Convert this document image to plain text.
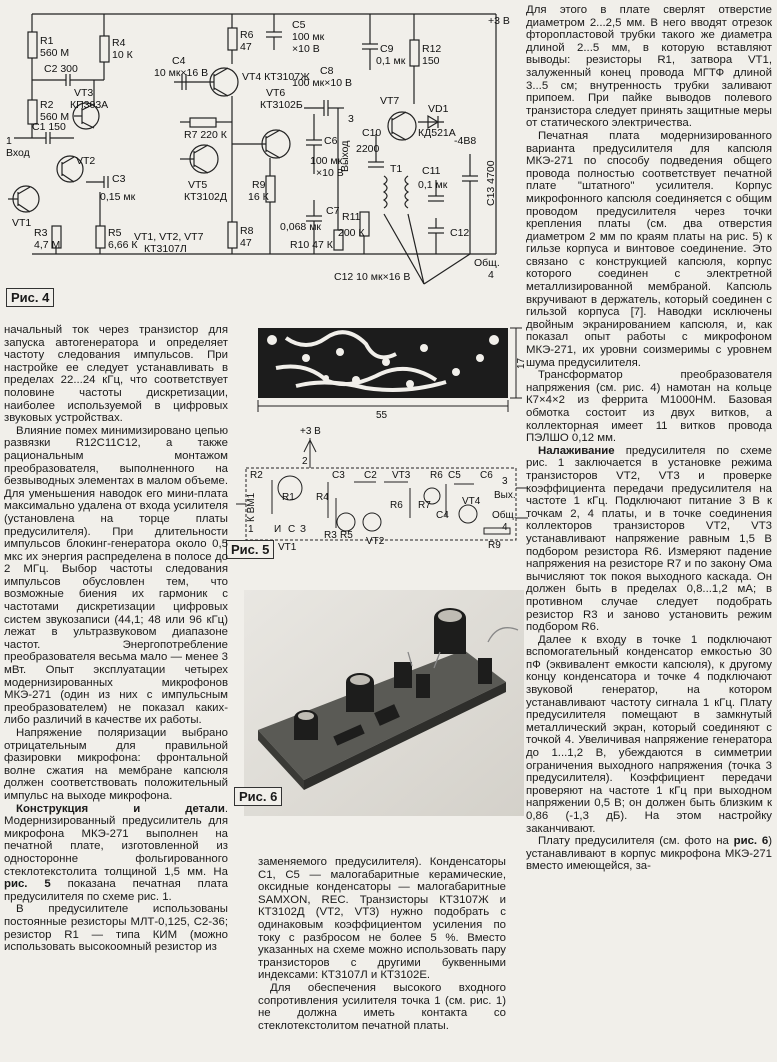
R1
560 М
C2 300
R2
560 М
C1 150
1
Вход
VT3
КП303А
R4
10 К
VT2
C3
0,15 мк
VT1
R3
4,7 М
R5
6,66 К
C4
10 мк×16 В
R6
47
VT4 КТ3107Ж
R7 220 К
VT5
КТ3102Д
VT1, VT2, VT7
КТ3107Л
R8
47
C5
100 мк
×10 В
C8
100 мк×10 В
VT6
КТ3102Б
C6
100 мк
×10 В
R9
16 К
C7
0,068 мк
R10 47 К
C12 10 мк×16 В
3
Выход
C9
0,1 мк
R12
150
VT7
VD1
КД521А
-4В8
C10
2200
T1 C11
0,1 мк	C13 4700
R11
200 К	C12
+3 В
Общ.
4
Рис. 4
55
17
+3 В
2
R2	C3 C2 VT3 R6 C5 C6
R1 R4
К ВМ1
1 И С З
R3 R5
R6 R7
C4
VT4
VT1
VT2	R9
3
Вых.
Общ.
4
Рис. 5
Рис. 6

начальный ток через транзистор для запуска автогенератора и определяет частоту следования импульсов. При настройке ее следует устанавливать в пределах 22...24 кГц, что соответствует половине частоты дискретизации, наиболее используемой в цифровых звуковых устройствах.

Влияние помех минимизировано цепью развязки R12C11C12, а также рациональным монтажом преобразователя, выполненного на безвыводных элементах в малом объеме. Для уменьшения наводок его мини-плата максимально удалена от входа усилителя (установлена на торце платы предусилителя). При длительности импульсов блокинг-генератора около 0,5 мкс их энергия распределена в полосе до 2 МГц. Выбор частоты следования импульсов обусловлен тем, что возможные биения их гармоник с частотами дискретизации цифровых систем звукозаписи (44,1; 48 или 96 кГц) лежат в ультразвуковом диапазоне частот. Энергопотребление преобразователя весьма мало — менее 3 мВт. Опыт эксплуатации четырех модернизированных микрофонов МКЭ-271 (один из них с импульсным преобразователем) не показал каких-либо различий в качестве их работы.

Напряжение поляризации выбрано отрицательным для правильной фазировки микрофона: фронтальной волне сжатия на мембране капсюля должен соответствовать положительный импульс на выходе микрофона.

Конструкция и детали. Модернизированный предусилитель для микрофона МКЭ-271 выполнен на печатной плате, изготовленной из одностороннe фольгированного стеклотекстолита толщиной 1,5 мм. На рис. 5 показана печатная плата предусилителя по схеме рис. 1.

В предусилителе использованы постоянные резисторы МЛТ-0,125, С2-36; резистор R1 — типа КИМ (можно использовать высокоомный резистор из

заменяемого предусилителя). Конденсаторы C1, C5 — малогабаритные керамические, оксидные конденсаторы — малогабаритные SAMXON, REC. Транзисторы КТ3107Ж и КТ3102Д (VT2, VT3) нужно подобрать с одинаковым коэффициентом усиления по току с разбросом не более 5 %. Вместо указанных на схеме можно использовать пару транзисторов с другими буквенными индексами: КТ3107Л и КТ3102Е.

Для обеспечения высокого входного сопротивления усилителя точка 1 (см. рис. 1) не должна иметь контакта со стеклотекстолитом печатной платы.

Для этого в плате сверлят отверстие диаметром 2...2,5 мм. В него вводят отрезок фторопластовой трубки такого же диаметра длиной 2...5 мм, в которую вставляют выводы: резисторы R1, затвора VT1, залуженный конец провода МГТФ длиной 3...5 см; внутренность трубки заливают припоем. При пайке выводов полевого транзистора следует принять защитные меры от статического электричества.

Печатная плата модернизированного варианта предусилителя для капсюля МКЭ-271 по способу подведения общего провода полностью соответствует печатной плате "штатного" усилителя. Корпус микрофонного капсюля соединяется с общим проводом предусилителя через точки крепления платы (см. два отверстия диаметром 2 мм по краям платы на рис. 5) к гильзе корпуса и винтовое соединение. Это связано с конструкцией капсюля, корпус которого соединен с электретной металлизированной мембраной. Капсюль вкручивают в держатель, который соединен с гильзой корпуса [7]. Наводки исключены двойным экранированием капсюля, и, как показал опыт работы с микрофоном МКЭ-271, их уровни соизмеримы с уровнем шума предусилителя.

Трансформатор преобразователя напряжения (см. рис. 4) намотан на кольце К7×4×2 из феррита М1000НМ. Базовая обмотка состоит из двух витков, а коллекторная имеет 11 витков провода ПЭЛШО 0,12 мм.

Налаживание предусилителя по схеме рис. 1 заключается в установке режима транзисторов VT2, VT3 и проверке коэффициента передачи предусилителя на частоте 1 кГц. Подключают питание 3 В к точкам 2, 4 платы, и в точке соединения коллекторов транзисторов VT2, VT3 устанавливают напряжение равным 1,5 В подбором резистора R6. Измеряют падение напряжения на резисторе R7 и по закону Ома вычисляют ток покоя выходного каскада. Он должен быть в пределах 0,8...1,2 мА; в противном случае следует подобрать резистор R3 и заново установить режим подбором R6.

Далее к входу в точке 1 подключают вспомогательный конденсатор емкостью 30 пФ (эквивалент емкости капсюля), к другому концу конденсатора и точке 4 подключают звуковой генератор, на котором устанавливают частоту сигнала 1 кГц. Плату предусилителя помещают в замкнутый металлический экран, который соединяют с точкой 4. Увеличивая напряжение генератора до 1...1,2 В, убеждаются в симметрии ограничения выходного напряжения (точка 3 предусилителя). Коэффициент передачи проверяют на частоте 1 кГц при выходном напряжении 0,5 В; он должен быть близким к 0,86 (-1,3 дБ). На этом настройку заканчивают.

Плату предусилителя (см. фото на рис. 6) устанавливают в корпус микрофона МКЭ-271 вместо имеющейся, за-
